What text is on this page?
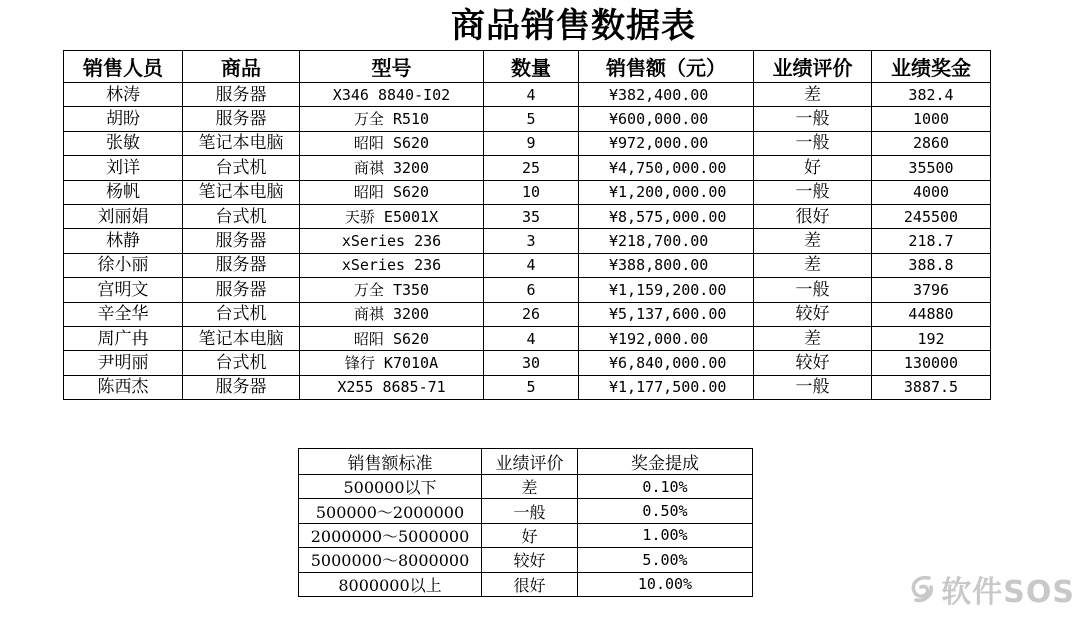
商品销售数据表
销售人员	商品	型号	数量	销售额（元）	业绩评价	业绩奖金
林涛	服务器	X346 8840-I02	4	¥382,400.00	差	382.4
胡盼	服务器	万全 R510	5	¥600,000.00	一般	1000
张敏	笔记本电脑	昭阳 S620	9	¥972,000.00	一般	2860
刘详	台式机	商祺 3200	25	¥4,750,000.00	好	35500
杨帆	笔记本电脑	昭阳 S620	10	¥1,200,000.00	一般	4000
刘丽娟	台式机	天骄 E5001X	35	¥8,575,000.00	很好	245500
林静	服务器	xSeries 236	3	¥218,700.00	差	218.7
徐小丽	服务器	xSeries 236	4	¥388,800.00	差	388.8
宫明文	服务器	万全 T350	6	¥1,159,200.00	一般	3796
辛全华	台式机	商祺 3200	26	¥5,137,600.00	较好	44880
周广冉	笔记本电脑	昭阳 S620	4	¥192,000.00	差	192
尹明丽	台式机	锋行 K7010A	30	¥6,840,000.00	较好	130000
陈西杰	服务器	X255 8685-71	5	¥1,177,500.00	一般	3887.5
销售额标准	业绩评价	奖金提成
500000以下	差	0.10%
500000～2000000	一般	0.50%
2000000～5000000	好	1.00%
5000000～8000000	较好	5.00%
8000000以上	很好	10.00%	软件SOS
